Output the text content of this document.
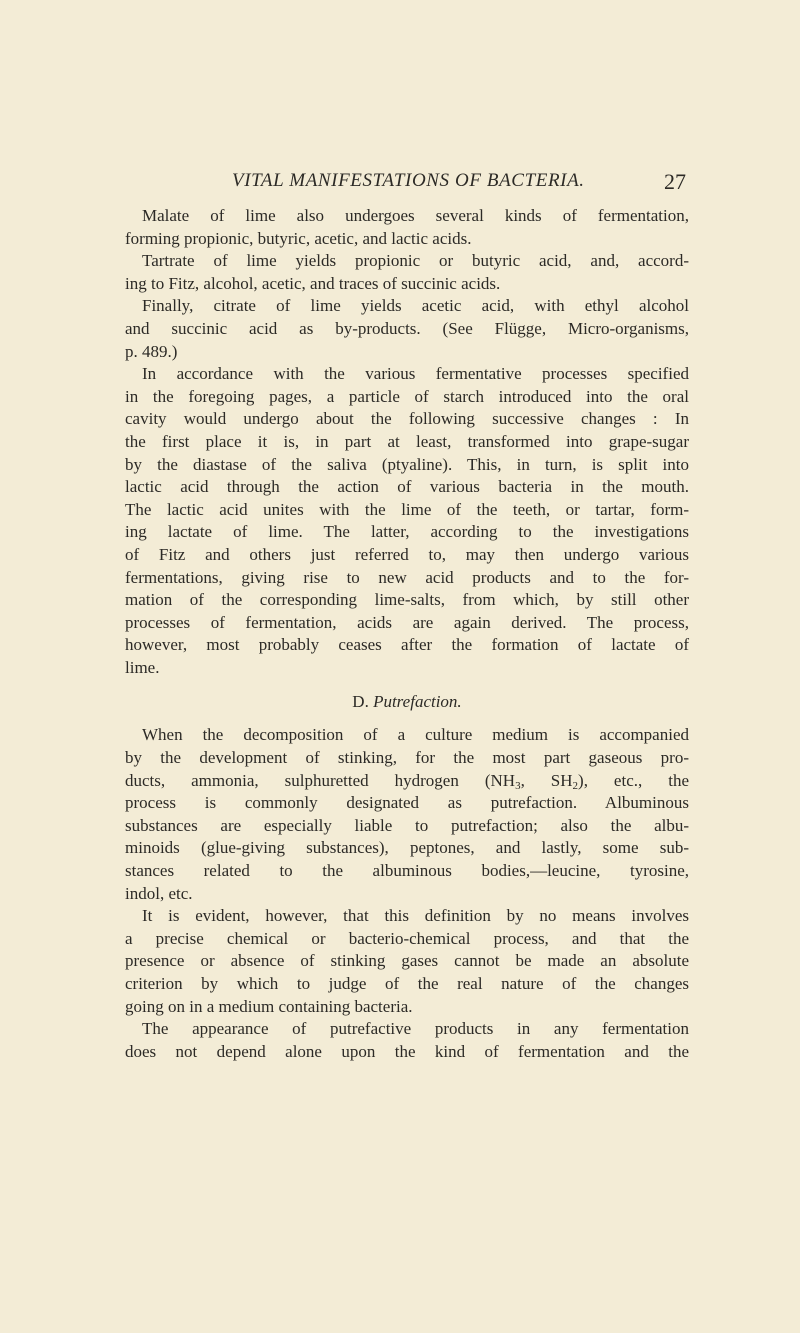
VITAL MANIFESTATIONS OF BACTERIA.	27
Malate of lime also undergoes several kinds of fermentation,
forming propionic, butyric, acetic, and lactic acids.
Tartrate of lime yields propionic or butyric acid, and, accord-
ing to Fitz, alcohol, acetic, and traces of succinic acids.
Finally, citrate of lime yields acetic acid, with ethyl alcohol
and succinic acid as by-products. (See Flügge, Micro-organisms,
p. 489.)
In accordance with the various fermentative processes specified
in the foregoing pages, a particle of starch introduced into the oral
cavity would undergo about the following successive changes : In
the first place it is, in part at least, transformed into grape-sugar
by the diastase of the saliva (ptyaline). This, in turn, is split into
lactic acid through the action of various bacteria in the mouth.
The lactic acid unites with the lime of the teeth, or tartar, form-
ing lactate of lime. The latter, according to the investigations
of Fitz and others just referred to, may then undergo various
fermentations, giving rise to new acid products and to the for-
mation of the corresponding lime-salts, from which, by still other
processes of fermentation, acids are again derived. The process,
however, most probably ceases after the formation of lactate of
lime.
D. Putrefaction.
When the decomposition of a culture medium is accompanied
by the development of stinking, for the most part gaseous pro-
ducts, ammonia, sulphuretted hydrogen ($NH_3$, $SH_2$), etc., the
process is commonly designated as putrefaction. Albuminous
substances are especially liable to putrefaction; also the albu-
minoids (glue-giving substances), peptones, and lastly, some sub-
stances related to the albuminous bodies,—leucine, tyrosine,
indol, etc.
It is evident, however, that this definition by no means involves
a precise chemical or bacterio-chemical process, and that the
presence or absence of stinking gases cannot be made an absolute
criterion by which to judge of the real nature of the changes
going on in a medium containing bacteria.
The appearance of putrefactive products in any fermentation
does not depend alone upon the kind of fermentation and the
